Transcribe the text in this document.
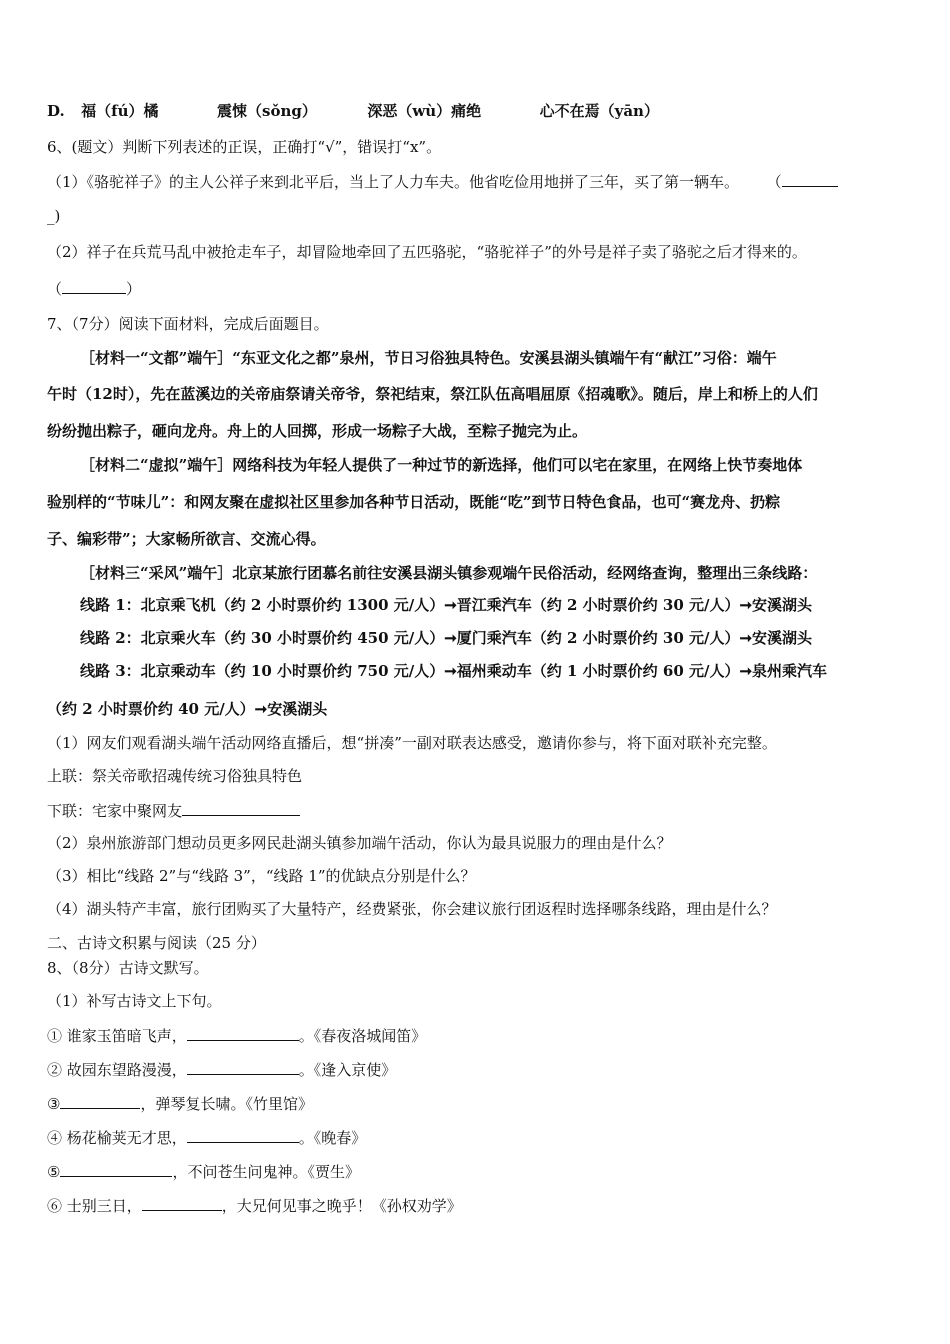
D. 福（fú）橘	震悚（sǒng）	深恶（wù）痛绝	心不在焉（yān）
6、(题文）判断下列表述的正误，正确打“√”，错误打“x”。
（1）《骆驼祥子》的主人公祥子来到北平后，当上了人力车夫。他省吃俭用地拼了三年，买了第一辆车。 （
_)
（2）祥子在兵荒马乱中被抢走车子，却冒险地牵回了五匹骆驼，“骆驼祥子”的外号是祥子卖了骆驼之后才得来的。
（	）
7、（7分）阅读下面材料，完成后面题目。
［材料一“文都”端午］“东亚文化之都”泉州，节日习俗独具特色。安溪县湖头镇端午有“献江”习俗：端午
午时（12时），先在蓝溪边的关帝庙祭请关帝爷，祭祀结束，祭江队伍高唱屈原《招魂歌》。随后，岸上和桥上的人们
纷纷抛出粽子，砸向龙舟。舟上的人回掷，形成一场粽子大战，至粽子抛完为止。
［材料二“虚拟”端午］网络科技为年轻人提供了一种过节的新选择，他们可以宅在家里，在网络上快节奏地体
验别样的“节味儿”：和网友聚在虚拟社区里参加各种节日活动，既能“吃”到节日特色食品，也可“赛龙舟、扔粽
子、编彩带”；大家畅所欲言、交流心得。
［材料三“采风”端午］北京某旅行团慕名前往安溪县湖头镇参观端午民俗活动，经网络查询，整理出三条线路：
线路 1：北京乘飞机（约 2 小时票价约 1300 元/人）➞晋江乘汽车（约 2 小时票价约 30 元/人）➞安溪湖头
线路 2：北京乘火车（约 30 小时票价约 450 元/人）➞厦门乘汽车（约 2 小时票价约 30 元/人）➞安溪湖头
线路 3：北京乘动车（约 10 小时票价约 750 元/人）➞福州乘动车（约 1 小时票价约 60 元/人）➞泉州乘汽车
（约 2 小时票价约 40 元/人）➞安溪湖头
（1）网友们观看湖头端午活动网络直播后，想“拼凑”一副对联表达感受，邀请你参与，将下面对联补充完整。
上联：祭关帝歌招魂传统习俗独具特色
下联：宅家中聚网友
（2）泉州旅游部门想动员更多网民赴湖头镇参加端午活动，你认为最具说服力的理由是什么？
（3）相比“线路 2”与“线路 3”，“线路 1”的优缺点分别是什么？
（4）湖头特产丰富，旅行团购买了大量特产，经费紧张，你会建议旅行团返程时选择哪条线路，理由是什么？
二、古诗文积累与阅读（25 分）
8、（8分）古诗文默写。
（1）补写古诗文上下句。
① 谁家玉笛暗飞声，	。《春夜洛城闻笛》
② 故园东望路漫漫，	。《逢入京使》
③	，弹琴复长啸。《竹里馆》
④ 杨花榆荚无才思，	。《晚春》
⑤	，不问苍生问鬼神。《贾生》
⑥ 士别三日，	，大兄何见事之晚乎！《孙权劝学》
